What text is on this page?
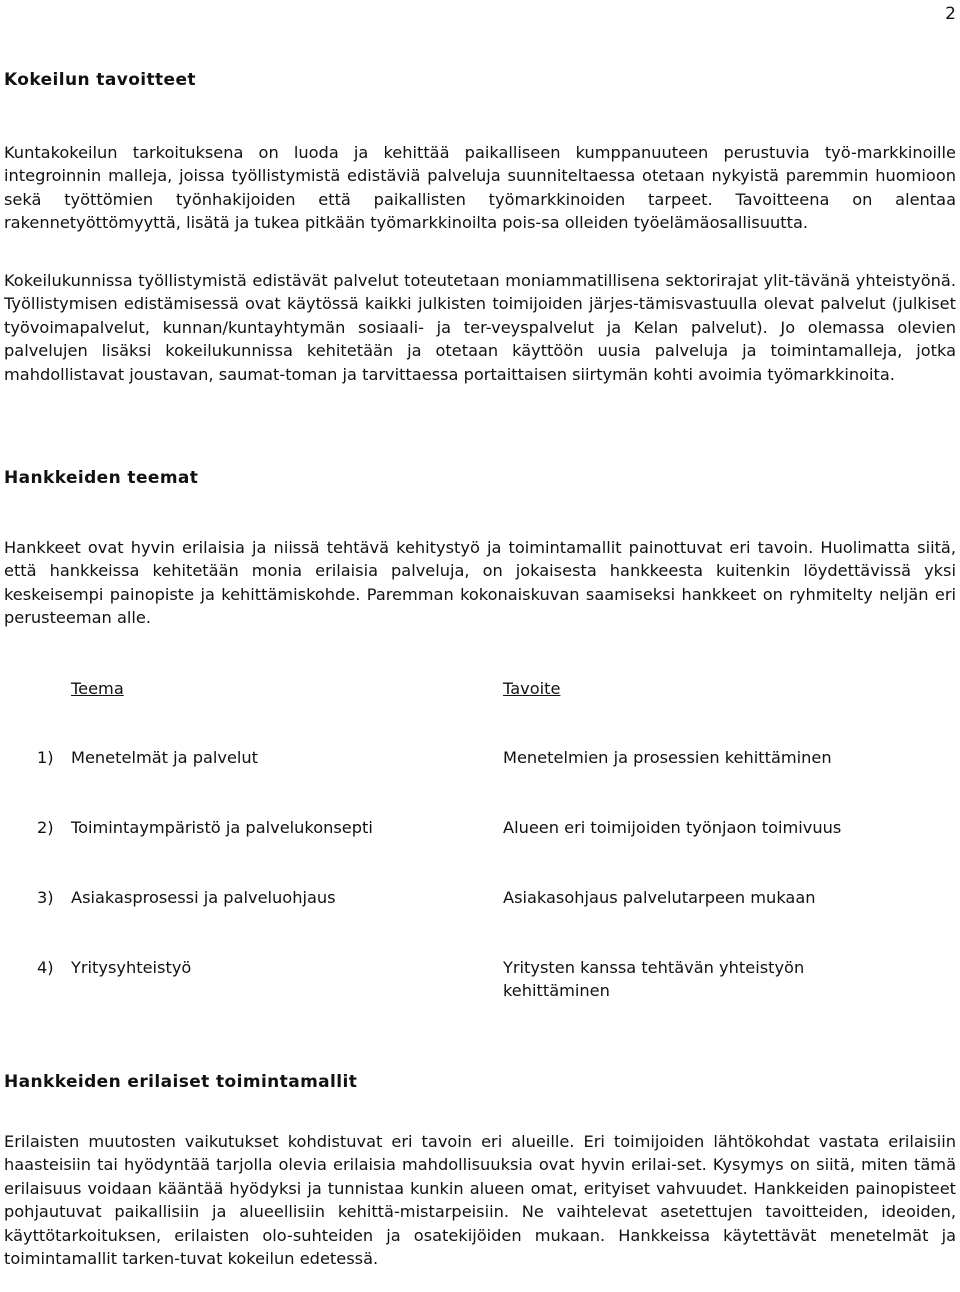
2
Kokeilun tavoitteet

Kuntakokeilun tarkoituksena on luoda ja kehittää paikalliseen kumppanuuteen perustuvia työ-markkinoille integroinnin malleja, joissa työllistymistä edistäviä palveluja suunniteltaessa otetaan nykyistä paremmin huomioon sekä työttömien työnhakijoiden että paikallisten työmarkkinoiden tarpeet. Tavoitteena on alentaa rakennetyöttömyyttä, lisätä ja tukea pitkään työmarkkinoilta pois-sa olleiden työelämäosallisuutta.

Kokeilukunnissa työllistymistä edistävät palvelut toteutetaan moniammatillisena sektorirajat ylit-tävänä yhteistyönä. Työllistymisen edistämisessä ovat käytössä kaikki julkisten toimijoiden järjes-tämisvastuulla olevat palvelut (julkiset työvoimapalvelut, kunnan/kuntayhtymän sosiaali- ja ter-veyspalvelut ja Kelan palvelut). Jo olemassa olevien palvelujen lisäksi kokeilukunnissa kehitetään ja otetaan käyttöön uusia palveluja ja toimintamalleja, jotka mahdollistavat joustavan, saumat-toman ja tarvittaessa portaittaisen siirtymän kohti avoimia työmarkkinoita.

Hankkeiden teemat

Hankkeet ovat hyvin erilaisia ja niissä tehtävä kehitystyö ja toimintamallit painottuvat eri tavoin. Huolimatta siitä, että hankkeissa kehitetään monia erilaisia palveluja, on jokaisesta hankkeesta kuitenkin löydettävissä yksi keskeisempi painopiste ja kehittämiskohde. Paremman kokonaiskuvan saamiseksi hankkeet on ryhmitelty neljän eri perusteeman alle.

Teema	Tavoite
1) Menetelmät ja palvelut	Menetelmien ja prosessien kehittäminen
2) Toimintaympäristö ja palvelukonsepti	Alueen eri toimijoiden työnjaon toimivuus
3) Asiakasprosessi ja palveluohjaus	Asiakasohjaus palvelutarpeen mukaan
4) Yritysyhteistyö	Yritysten kanssa tehtävän yhteistyön kehittäminen
Hankkeiden erilaiset toimintamallit

Erilaisten muutosten vaikutukset kohdistuvat eri tavoin eri alueille. Eri toimijoiden lähtökohdat vastata erilaisiin haasteisiin tai hyödyntää tarjolla olevia erilaisia mahdollisuuksia ovat hyvin erilai-set. Kysymys on siitä, miten tämä erilaisuus voidaan kääntää hyödyksi ja tunnistaa kunkin alueen omat, erityiset vahvuudet. Hankkeiden painopisteet pohjautuvat paikallisiin ja alueellisiin kehittä-mistarpeisiin. Ne vaihtelevat asetettujen tavoitteiden, ideoiden, käyttötarkoituksen, erilaisten olo-suhteiden ja osatekijöiden mukaan. Hankkeissa käytettävät menetelmät ja toimintamallit tarken-tuvat kokeilun edetessä.
